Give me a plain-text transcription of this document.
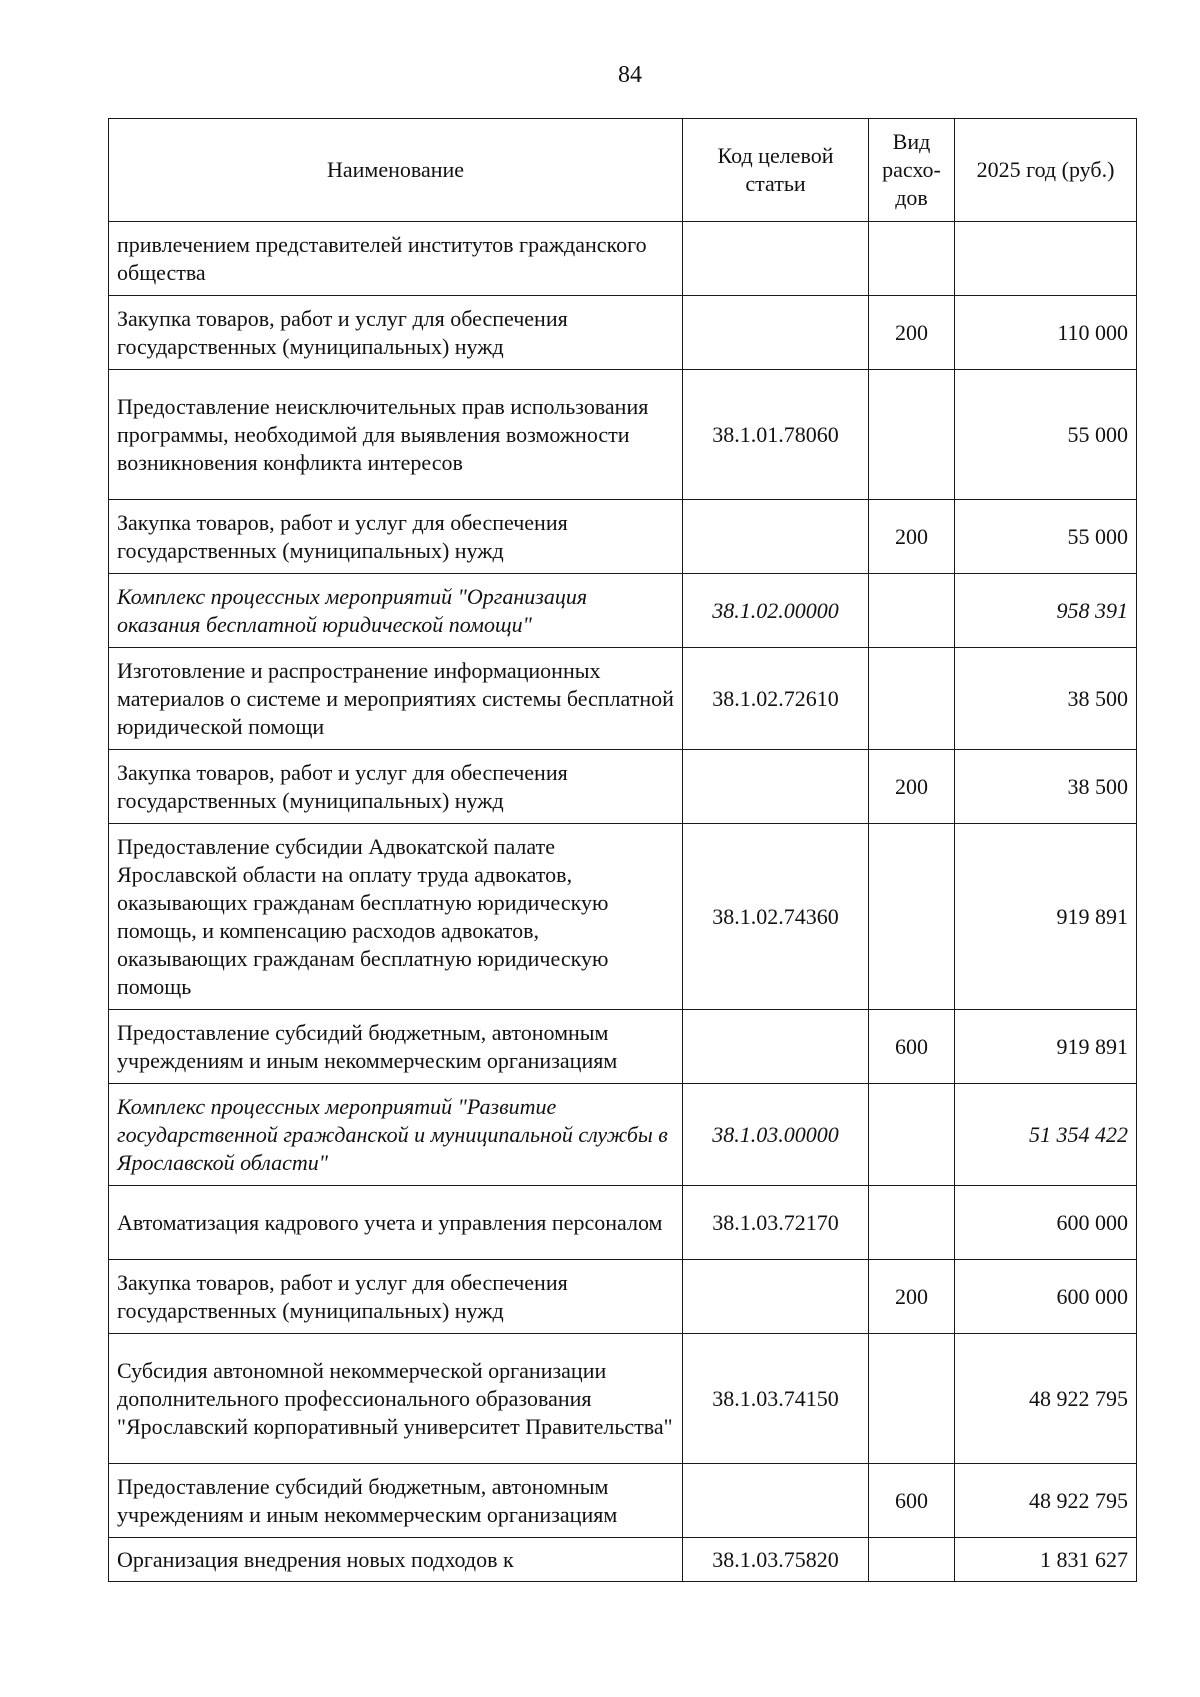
84
Наименование	Код целевой статьи	Вид расхо-дов	2025 год (руб.)
привлечением представителей институтов гражданского общества			
Закупка товаров, работ и услуг для обеспечения государственных (муниципальных) нужд		200	110 000
Предоставление неисключительных прав использования программы, необходимой для выявления возможности возникновения конфликта интересов	38.1.01.78060		55 000
Закупка товаров, работ и услуг для обеспечения государственных (муниципальных) нужд		200	55 000
Комплекс процессных мероприятий "Организация оказания бесплатной юридической помощи"	38.1.02.00000		958 391
Изготовление и распространение информационных материалов о системе и мероприятиях системы бесплатной юридической помощи	38.1.02.72610		38 500
Закупка товаров, работ и услуг для обеспечения государственных (муниципальных) нужд		200	38 500
Предоставление субсидии Адвокатской палате Ярославской области на оплату труда адвокатов, оказывающих гражданам бесплатную юридическую помощь, и компенсацию расходов адвокатов, оказывающих гражданам бесплатную юридическую помощь	38.1.02.74360		919 891
Предоставление субсидий бюджетным, автономным учреждениям и иным некоммерческим организациям		600	919 891
Комплекс процессных мероприятий "Развитие государственной гражданской и муниципальной службы в Ярославской области"	38.1.03.00000		51 354 422
Автоматизация кадрового учета и управления персоналом	38.1.03.72170		600 000
Закупка товаров, работ и услуг для обеспечения государственных (муниципальных) нужд		200	600 000
Субсидия автономной некоммерческой организации дополнительного профессионального образования "Ярославский корпоративный университет Правительства"	38.1.03.74150		48 922 795
Предоставление субсидий бюджетным, автономным учреждениям и иным некоммерческим организациям		600	48 922 795
Организация внедрения новых подходов к	38.1.03.75820		1 831 627
